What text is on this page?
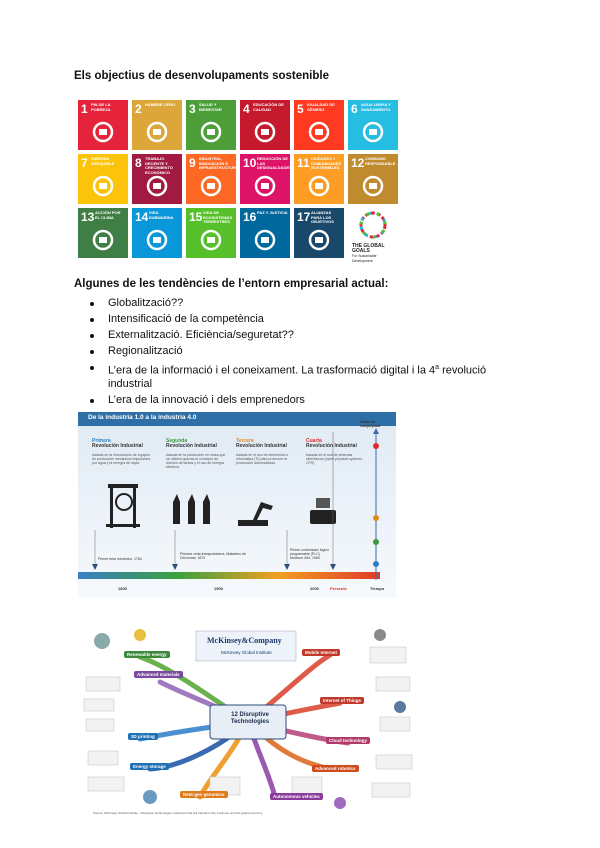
Els objectius de desenvolupaments sostenible
1 FIN DE LA POBREZA	2 HAMBRE CERO	3 SALUD Y BIENESTAR	4 EDUCACIÓN DE CALIDAD	5 IGUALDAD DE GÉNERO	6 AGUA LIMPIA Y SANEAMIENTO
7 ENERGÍA ASEQUIBLE	8 TRABAJO DECENTE Y CRECIMIENTO ECONÓMICO
9 INDUSTRIA, INNOVACIÓN E INFRAESTRUCTURA 10 REDUCCIÓN DE LAS DESIGUALDADES 11 CIUDADES Y COMUNIDADES SOSTENIBLES 12 CONSUMO RESPONSABLE
13 ACCIÓN POR EL CLIMA	14 VIDA SUBMARINA	15 VIDA DE ECOSISTEMAS TERRESTRES	16 PAZ Y JUSTICIA 17 ALIANZAS PARA LOS OBJETIVOS
THE GLOBAL GOALS
For Sustainable Development
Algunes de les tendències de l’entorn empresarial actual:
Globalització??
Intensificació de la competència
Externalització. Eficiència/seguretat??
Regionalització
L’era de la informació i el coneixament. La trasformació digital i la 4$^a$ revolució
industrial
L’era de la innovació i dels emprenedors
De la industria 1.0 a la industria 4.0
Grado de complejidad
Primera
Revolución Industrial
basada en la introducción de equipos de producción mecánicos impulsados por agua y la energía de vapor
Segunda
Revolución Industrial
basada en la producción en masa que se obtiene gracias al concepto de división de tareas y el uso de energía eléctrica
Tercera
Revolución Industrial
basada en el uso de electrónica e informática (TI) para promover la producción automatizada
Cuarta
Revolución Industrial
basada en el uso de sistemas ciberfísicos (cyber-physical systems - CPS)
Primer telar mecánico, 1784
Primera cinta transportadora, Matadero de Cincinnati, 1870
Primer controlador lógico programable (PLC) Modicon 084, 1969
1800	1900	2000	Presente	Tiempo
12 Disruptive Technologies
McKinsey&Company
McKinsey Global Institute
Renewable energy
Advanced materials
3D printing
Energy storage
Mobile Internet
Internet of Things
Cloud technology
Advanced robotics
Autonomous vehicles
Next-gen genomics
Source: McKinsey Global Institute - Disruptive technologies: Advances that will transform life, business, and the global economy
